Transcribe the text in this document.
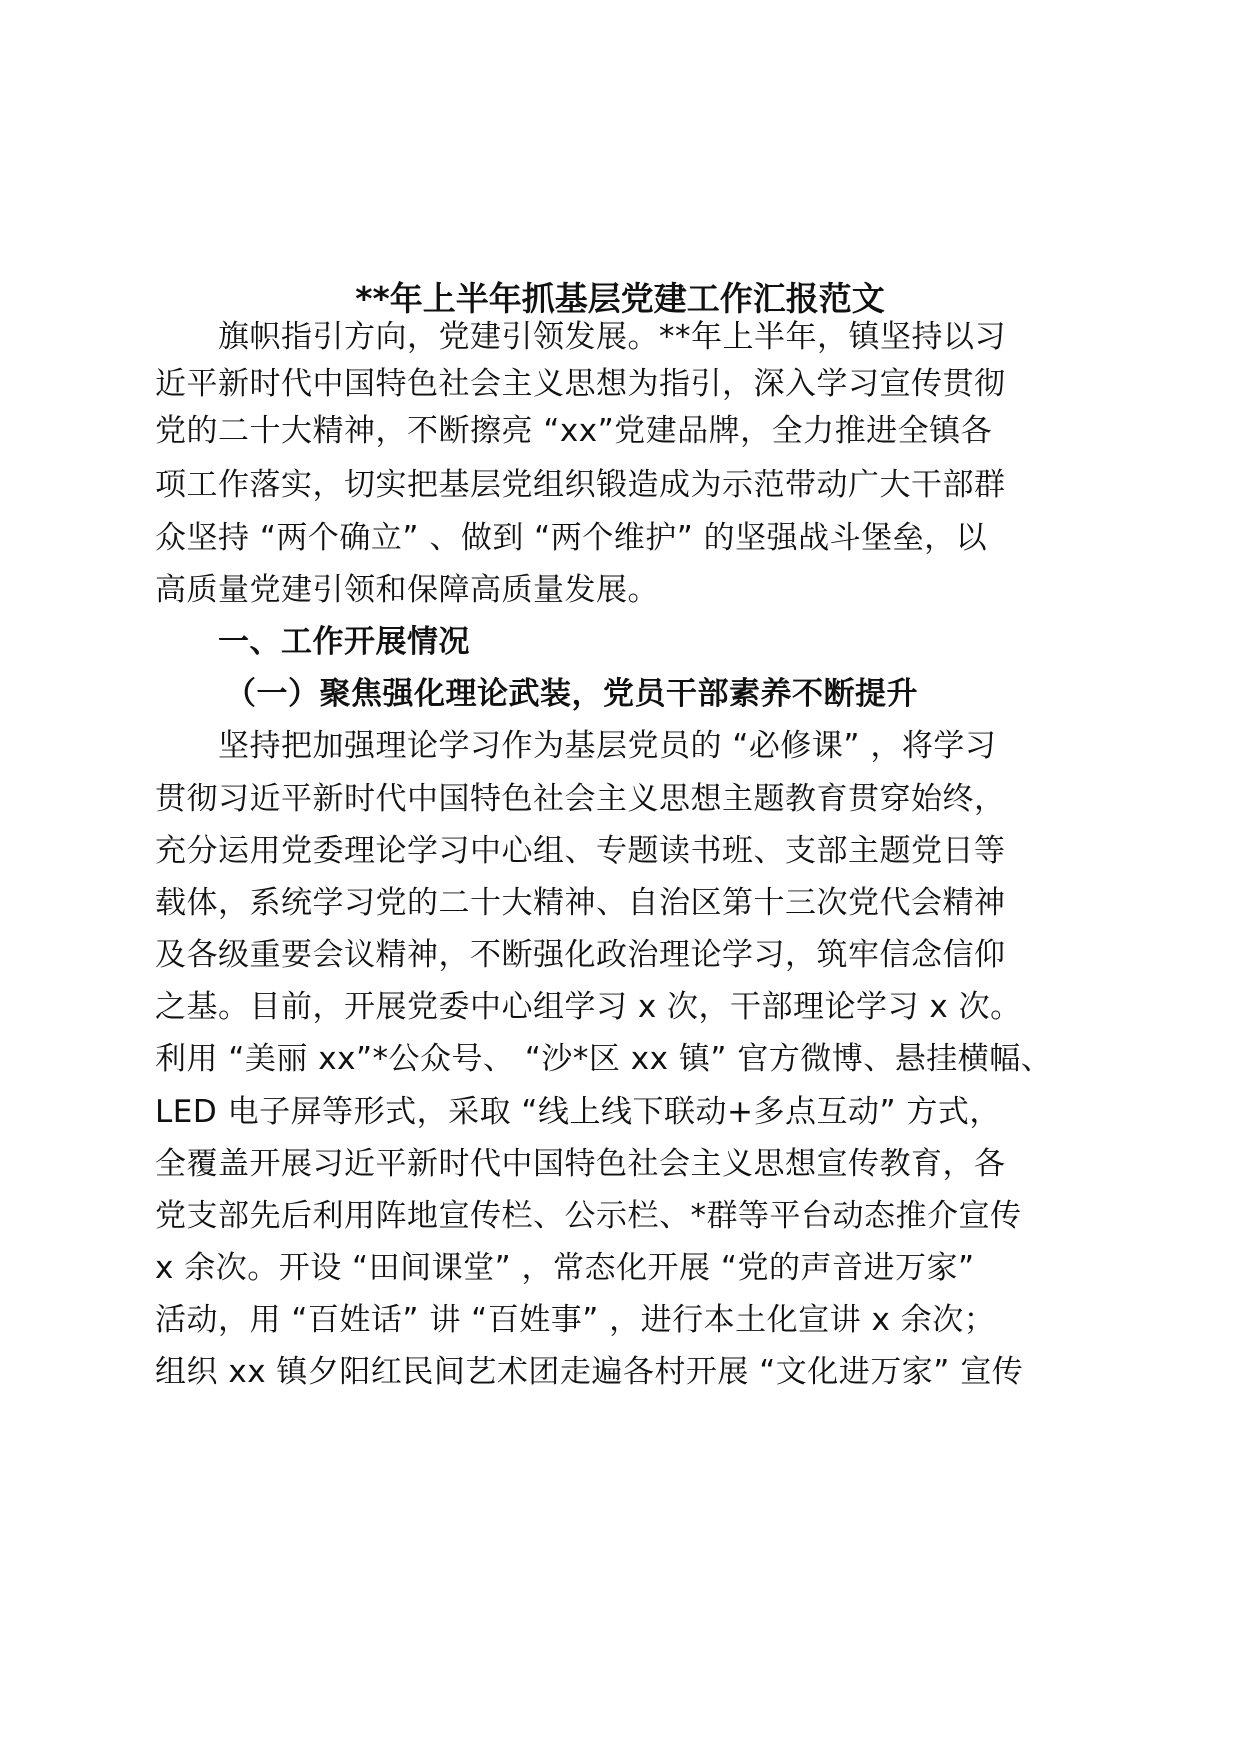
**年上半年抓基层党建工作汇报范文
旗帜指引方向，党建引领发展。**年上半年，镇坚持以习
近平新时代中国特色社会主义思想为指引，深入学习宣传贯彻
党的二十大精神，不断擦亮 “xx”党建品牌，全力推进全镇各
项工作落实，切实把基层党组织锻造成为示范带动广大干部群
众坚持 “两个确立” 、做到 “两个维护” 的坚强战斗堡垒，以
高质量党建引领和保障高质量发展。
一、工作开展情况
（一）聚焦强化理论武装，党员干部素养不断提升
坚持把加强理论学习作为基层党员的 “必修课” ，将学习
贯彻习近平新时代中国特色社会主义思想主题教育贯穿始终，
充分运用党委理论学习中心组、专题读书班、支部主题党日等
载体，系统学习党的二十大精神、自治区第十三次党代会精神
及各级重要会议精神，不断强化政治理论学习，筑牢信念信仰
之基。目前，开展党委中心组学习 x 次，干部理论学习 x 次。
利用 “美丽 xx”*公众号、 “沙*区 xx 镇” 官方微博、悬挂横幅、
LED 电子屏等形式，采取 “线上线下联动+多点互动” 方式，
全覆盖开展习近平新时代中国特色社会主义思想宣传教育，各
党支部先后利用阵地宣传栏、公示栏、*群等平台动态推介宣传
x 余次。开设 “田间课堂” ，常态化开展 “党的声音进万家”
活动，用 “百姓话” 讲 “百姓事” ，进行本土化宣讲 x 余次；
组织 xx 镇夕阳红民间艺术团走遍各村开展 “文化进万家” 宣传
